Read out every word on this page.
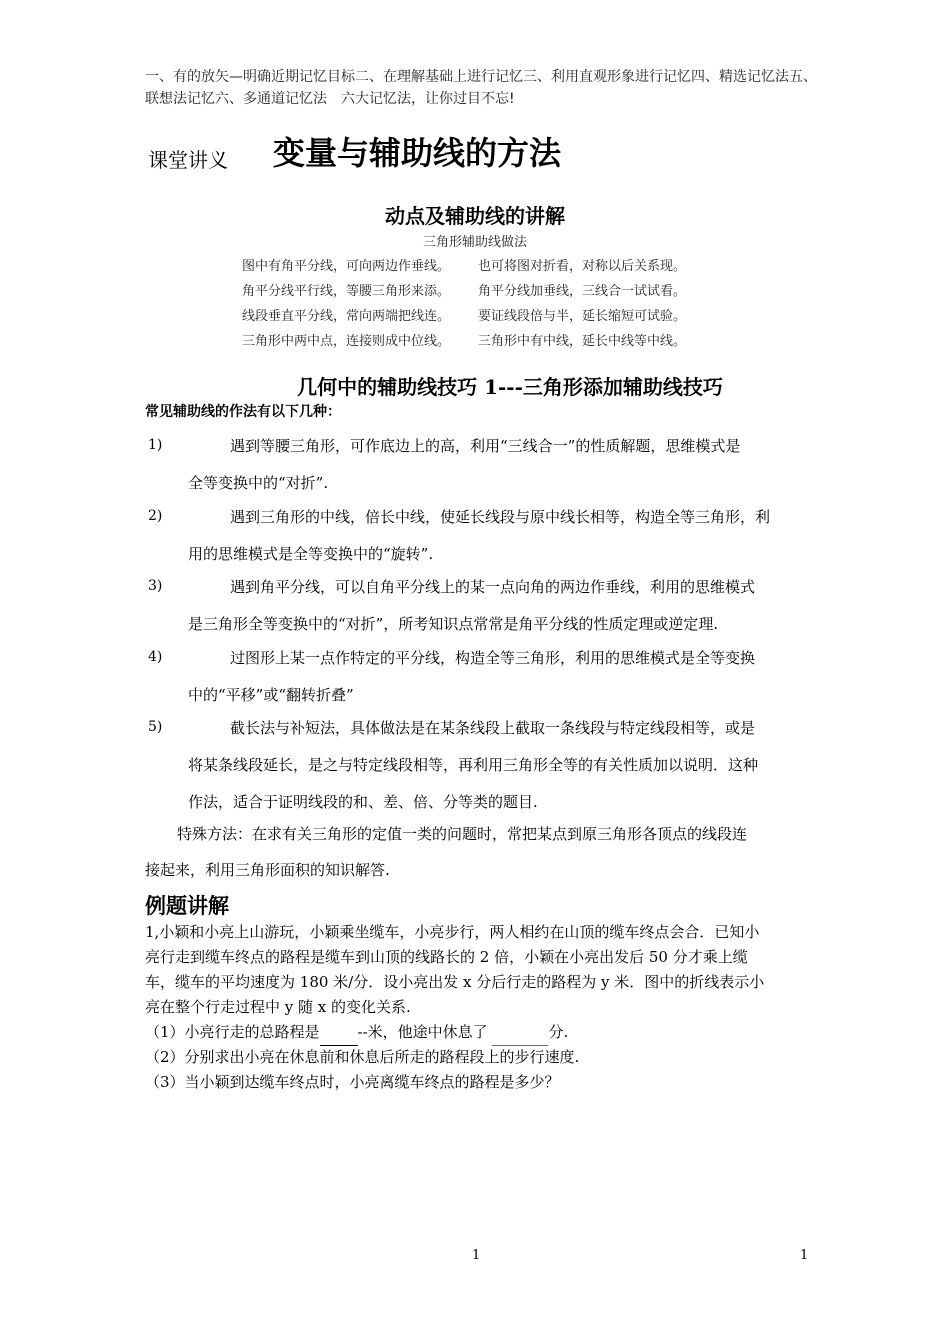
一、有的放矢—明确近期记忆目标二、在理解基础上进行记忆三、利用直观形象进行记忆四、精选记忆法五、
联想法记忆六、多通道记忆法　六大记忆法，让你过目不忘!
课堂讲义 变量与辅助线的方法
动点及辅助线的讲解
三角形辅助线做法
图中有角平分线，可向两边作垂线。 也可将图对折看，对称以后关系现。
角平分线平行线，等腰三角形来添。 角平分线加垂线，三线合一试试看。
线段垂直平分线，常向两端把线连。 要证线段倍与半，延长缩短可试验。
三角形中两中点，连接则成中位线。 三角形中有中线，延长中线等中线。
几何中的辅助线技巧 1---三角形添加辅助线技巧
常见辅助线的作法有以下几种：
1)	遇到等腰三角形，可作底边上的高，利用“三线合一”的性质解题，思维模式是
全等变换中的“对折”.
2)	遇到三角形的中线，倍长中线，使延长线段与原中线长相等，构造全等三角形，利
用的思维模式是全等变换中的“旋转”.
3)	遇到角平分线，可以自角平分线上的某一点向角的两边作垂线，利用的思维模式
是三角形全等变换中的“对折”，所考知识点常常是角平分线的性质定理或逆定理.
4)	过图形上某一点作特定的平分线，构造全等三角形，利用的思维模式是全等变换
中的“平移”或“翻转折叠”
5)	截长法与补短法，具体做法是在某条线段上截取一条线段与特定线段相等，或是
将某条线段延长，是之与特定线段相等，再利用三角形全等的有关性质加以说明．这种
作法，适合于证明线段的和、差、倍、分等类的题目.
特殊方法：在求有关三角形的定值一类的问题时，常把某点到原三角形各顶点的线段连
接起来，利用三角形面积的知识解答.
例题讲解
1,小颖和小亮上山游玩，小颖乘坐缆车，小亮步行，两人相约在山顶的缆车终点会合．已知小
亮行走到缆车终点的路程是缆车到山顶的线路长的 2 倍，小颖在小亮出发后 50 分才乘上缆
车，缆车的平均速度为 180 米/分．设小亮出发 x 分后行走的路程为 y 米．图中的折线表示小
亮在整个行走过程中 y 随 x 的变化关系.
（1）小亮行走的总路程是	--米，他途中休息了	分.
（2）分别求出小亮在休息前和休息后所走的路程段上的步行速度.
（3）当小颖到达缆车终点时，小亮离缆车终点的路程是多少？
1	1
